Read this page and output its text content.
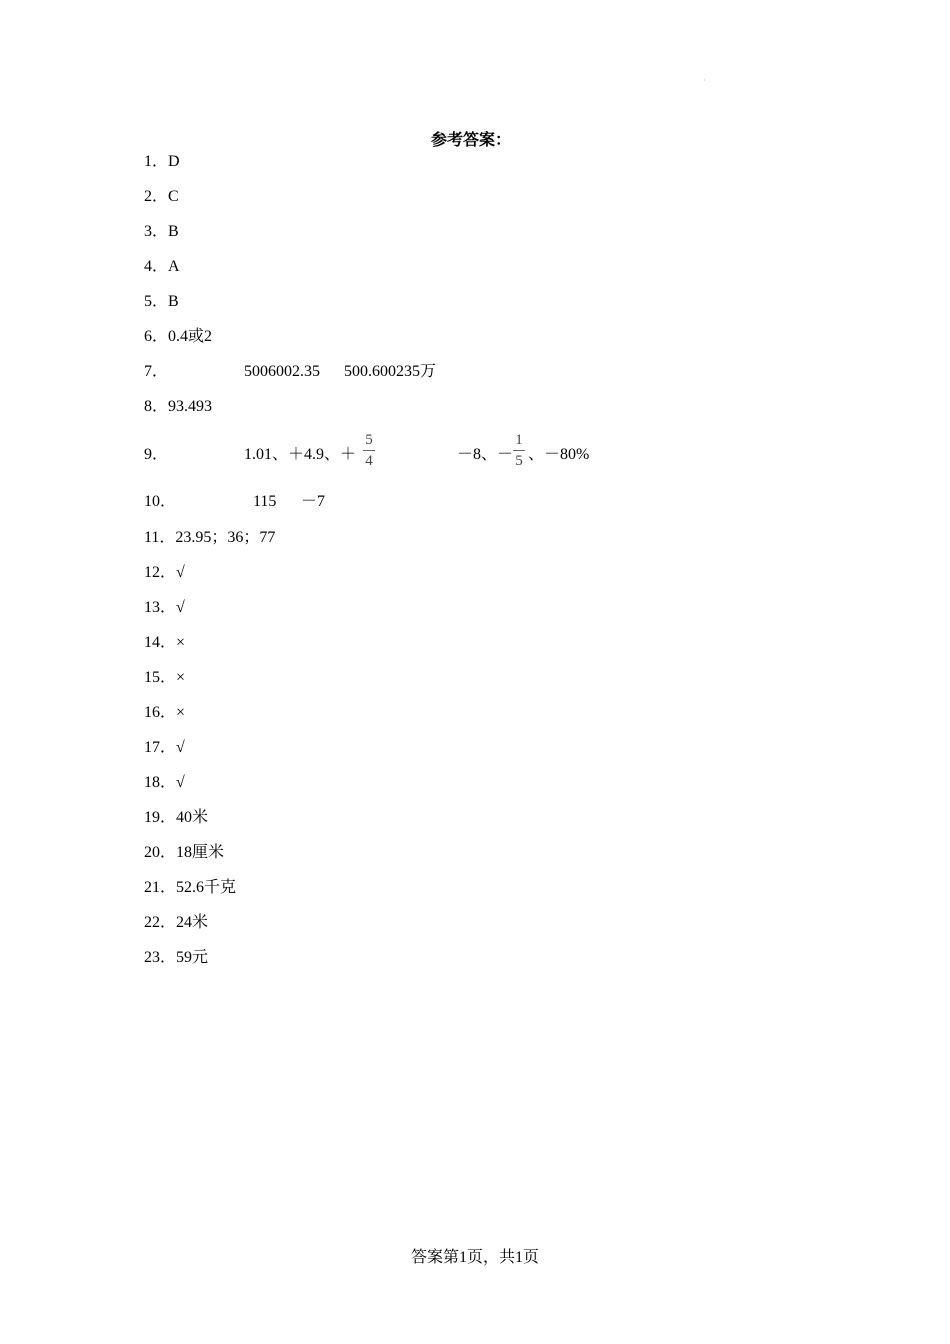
·
参考答案：
1．D
2．C
3．B
4．A
5．B
6．0.4或2
7．	5006002.35 500.600235万
8．93.493
9．	1.01、＋4.9、＋
5
4	－8、－
1
5 、－80%
10．	115 －7
11．23.95；36；77
12．√
13．√
14．×
15．×
16．×
17．√
18．√
19．40米
20．18厘米
21．52.6千克
22．24米
23．59元
答案第1页，共1页
